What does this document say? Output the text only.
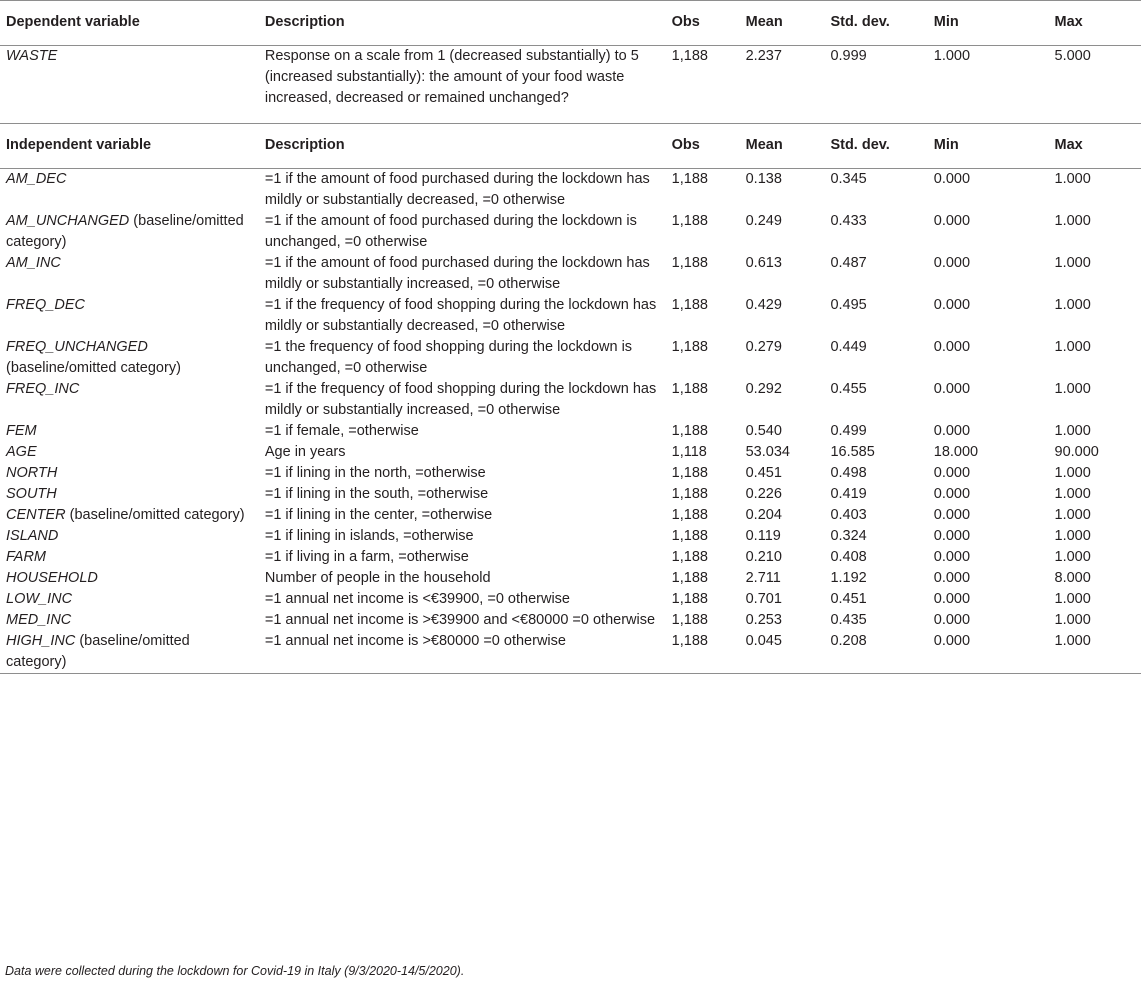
Dependent variable	Description	Obs	Mean	Std. dev.	Min	Max
WASTE	Response on a scale from 1 (decreased substantially) to 5 (increased substantially): the amount of your food waste increased, decreased or remained unchanged?	1,188	2.237	0.999	1.000	5.000
Independent variable	Description	Obs	Mean	Std. dev.	Min	Max
AM_DEC	=1 if the amount of food purchased during the lockdown has mildly or substantially decreased, =0 otherwise	1,188	0.138	0.345	0.000	1.000
AM_UNCHANGED (baseline/omitted category)	=1 if the amount of food purchased during the lockdown is unchanged, =0 otherwise	1,188	0.249	0.433	0.000	1.000
AM_INC	=1 if the amount of food purchased during the lockdown has mildly or substantially increased, =0 otherwise	1,188	0.613	0.487	0.000	1.000
FREQ_DEC	=1 if the frequency of food shopping during the lockdown has mildly or substantially decreased, =0 otherwise	1,188	0.429	0.495	0.000	1.000
FREQ_UNCHANGED (baseline/omitted category)	=1 the frequency of food shopping during the lockdown is unchanged, =0 otherwise	1,188	0.279	0.449	0.000	1.000
FREQ_INC	=1 if the frequency of food shopping during the lockdown has mildly or substantially increased, =0 otherwise	1,188	0.292	0.455	0.000	1.000
FEM	=1 if female, =otherwise	1,188	0.540	0.499	0.000	1.000
AGE	Age in years	1,118	53.034	16.585	18.000	90.000
NORTH	=1 if lining in the north, =otherwise	1,188	0.451	0.498	0.000	1.000
SOUTH	=1 if lining in the south, =otherwise	1,188	0.226	0.419	0.000	1.000
CENTER (baseline/omitted category)	=1 if lining in the center, =otherwise	1,188	0.204	0.403	0.000	1.000
ISLAND	=1 if lining in islands, =otherwise	1,188	0.119	0.324	0.000	1.000
FARM	=1 if living in a farm, =otherwise	1,188	0.210	0.408	0.000	1.000
HOUSEHOLD	Number of people in the household	1,188	2.711	1.192	0.000	8.000
LOW_INC	=1 annual net income is <€39900, =0 otherwise	1,188	0.701	0.451	0.000	1.000
MED_INC	=1 annual net income is >€39900 and <€80000 =0 otherwise	1,188	0.253	0.435	0.000	1.000
HIGH_INC (baseline/omitted category)	=1 annual net income is >€80000 =0 otherwise	1,188	0.045	0.208	0.000	1.000
Data were collected during the lockdown for Covid-19 in Italy (9/3/2020-14/5/2020).
